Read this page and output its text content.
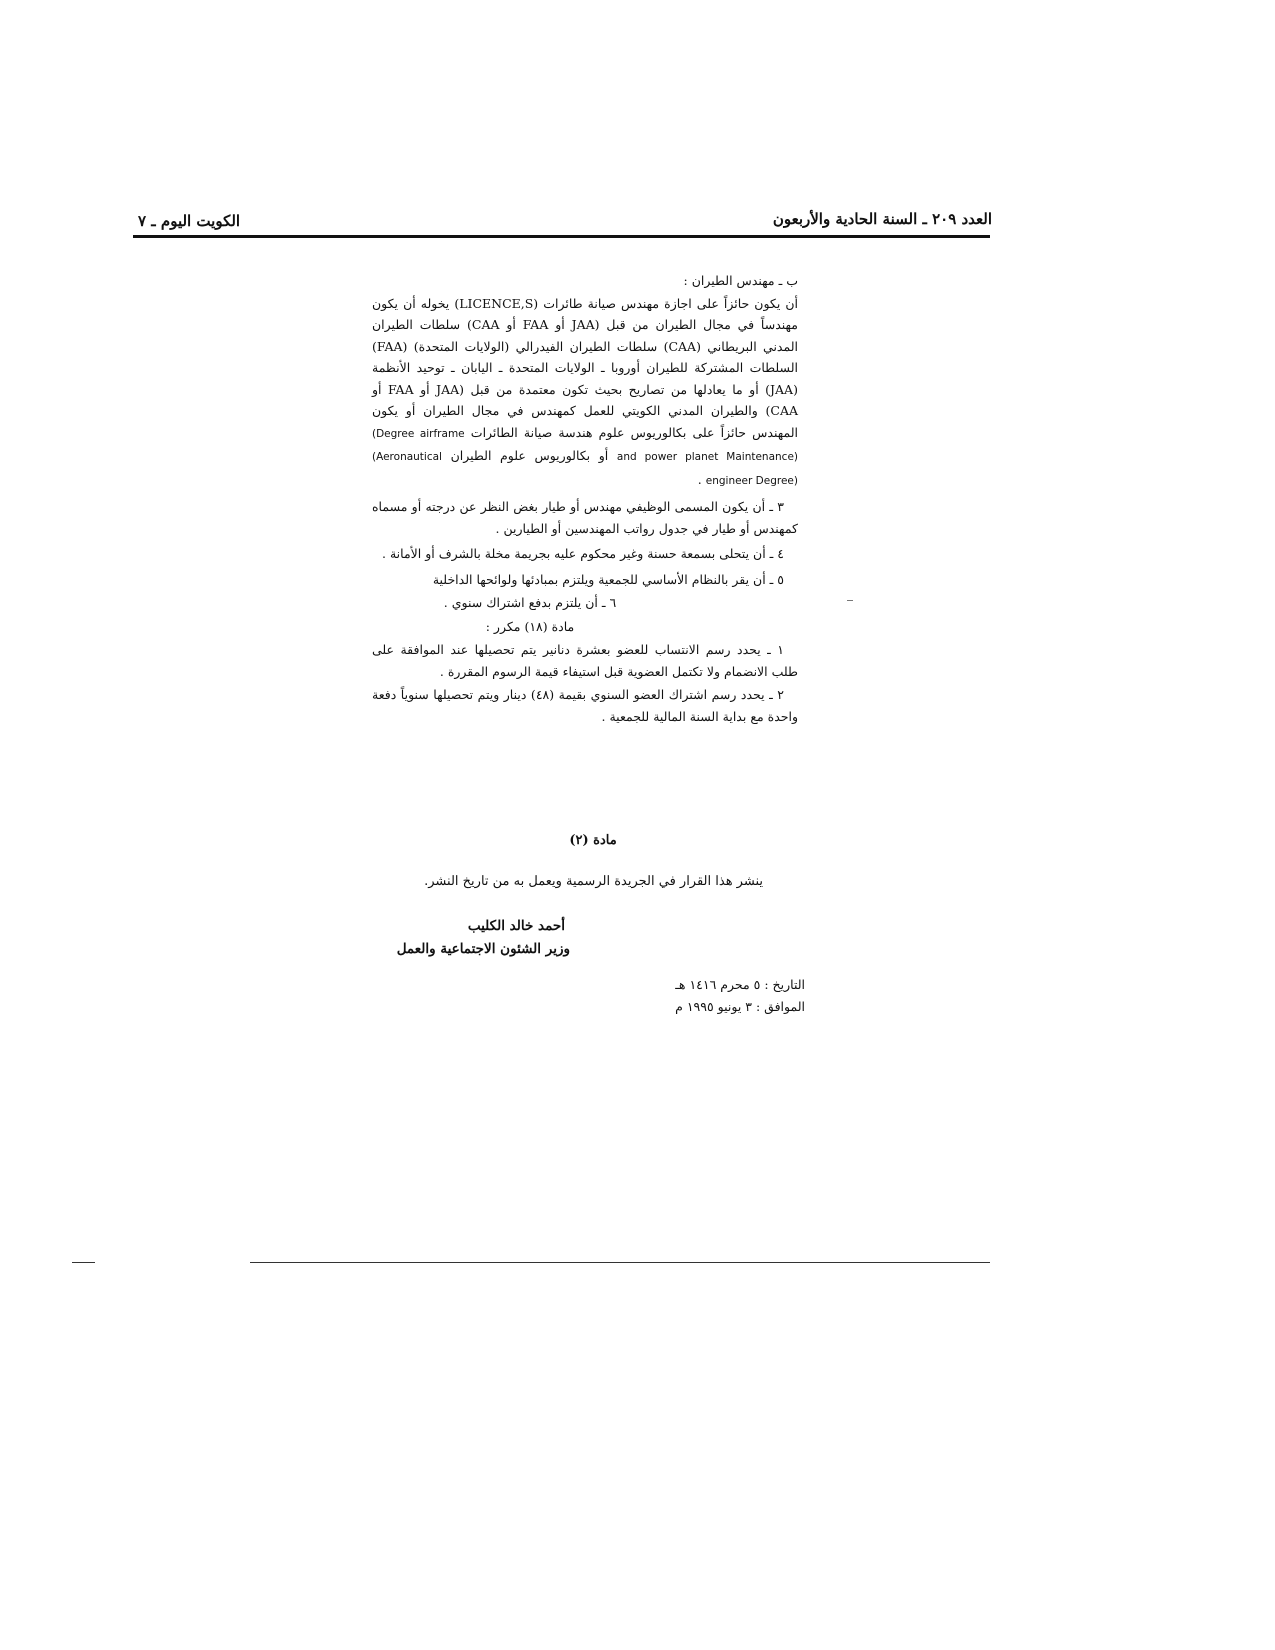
الكويت اليوم ـ ٧	العدد ٢٠٩ ـ السنة الحادية والأربعون

ب ـ مهندس الطيران :

أن يكون حائزاً على اجازة مهندس صيانة طائرات (LICENCE,S) يخوله أن يكون مهندساً في مجال الطيران من قبل (JAA أو FAA أو CAA) سلطات الطيران المدني البريطاني (CAA) سلطات الطيران الفيدرالي (الولايات المتحدة) (FAA) السلطات المشتركة للطيران أوروبا ـ الولايات المتحدة ـ اليابان ـ توحيد الأنظمة (JAA) أو ما يعادلها من تصاريح بحيث تكون معتمدة من قبل (JAA أو FAA أو CAA) والطيران المدني الكويتي للعمل كمهندس في مجال الطيران أو يكون المهندس حائزاً على بكالوريوس علوم هندسة صيانة الطائرات (Degree airframe and power planet Maintenance) أو بكالوريوس علوم الطيران (Aeronautical engineer Degree) .

٣ ـ أن يكون المسمى الوظيفي مهندس أو طيار بغض النظر عن درجته أو مسماه كمهندس أو طيار في جدول رواتب المهندسين أو الطيارين .

٤ ـ أن يتحلى بسمعة حسنة وغير محكوم عليه بجريمة مخلة بالشرف أو الأمانة .

٥ ـ أن يقر بالنظام الأساسي للجمعية ويلتزم بمبادئها ولوائحها الداخلية

٦ ـ أن يلتزم بدفع اشتراك سنوي .

مادة (١٨) مكرر :

١ ـ يحدد رسم الانتساب للعضو بعشرة دنانير يتم تحصيلها عند الموافقة على طلب الانضمام ولا تكتمل العضوية قبل استيفاء قيمة الرسوم المقررة .

٢ ـ يحدد رسم اشتراك العضو السنوي بقيمة (٤٨) دينار ويتم تحصيلها سنوياً دفعة واحدة مع بداية السنة المالية للجمعية .

مادة (٢)
ينشر هذا القرار في الجريدة الرسمية ويعمل به من تاريخ النشر.
أحمد خالد الكليب
وزير الشئون الاجتماعية والعمل
التاريخ : ٥ محرم ١٤١٦ هـ
الموافق : ٣ يونيو ١٩٩٥ م
